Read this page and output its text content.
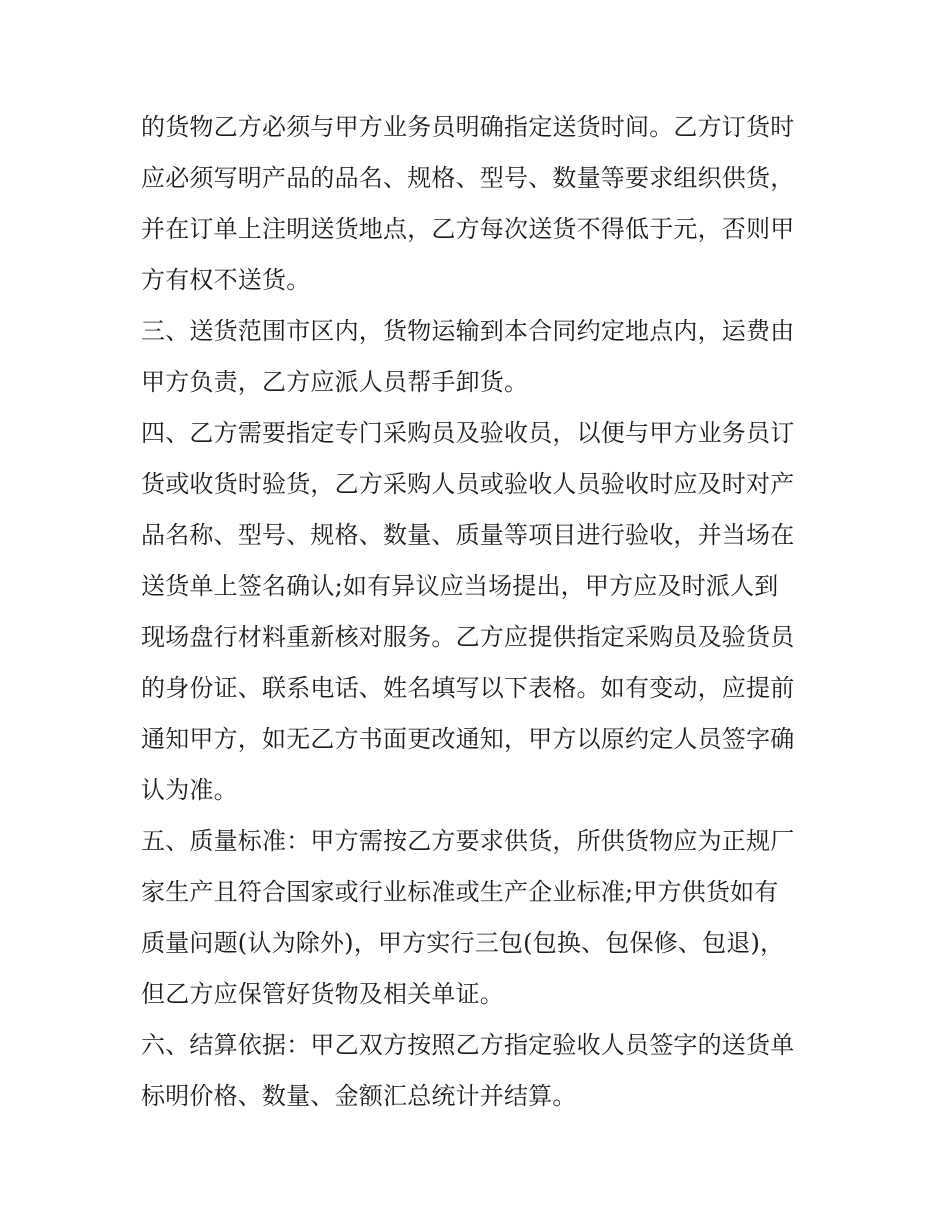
的货物乙方必须与甲方业务员明确指定送货时间。乙方订货时
应必须写明产品的品名、规格、型号、数量等要求组织供货，
并在订单上注明送货地点，乙方每次送货不得低于元，否则甲
方有权不送货。
三、送货范围市区内，货物运输到本合同约定地点内，运费由
甲方负责，乙方应派人员帮手卸货。
四、乙方需要指定专门采购员及验收员，以便与甲方业务员订
货或收货时验货，乙方采购人员或验收人员验收时应及时对产
品名称、型号、规格、数量、质量等项目进行验收，并当场在
送货单上签名确认;如有异议应当场提出，甲方应及时派人到
现场盘行材料重新核对服务。乙方应提供指定采购员及验货员
的身份证、联系电话、姓名填写以下表格。如有变动，应提前
通知甲方，如无乙方书面更改通知，甲方以原约定人员签字确
认为准。
五、质量标准：甲方需按乙方要求供货，所供货物应为正规厂
家生产且符合国家或行业标准或生产企业标准;甲方供货如有
质量问题(认为除外)，甲方实行三包(包换、包保修、包退)，
但乙方应保管好货物及相关单证。
六、结算依据：甲乙双方按照乙方指定验收人员签字的送货单
标明价格、数量、金额汇总统计并结算。
